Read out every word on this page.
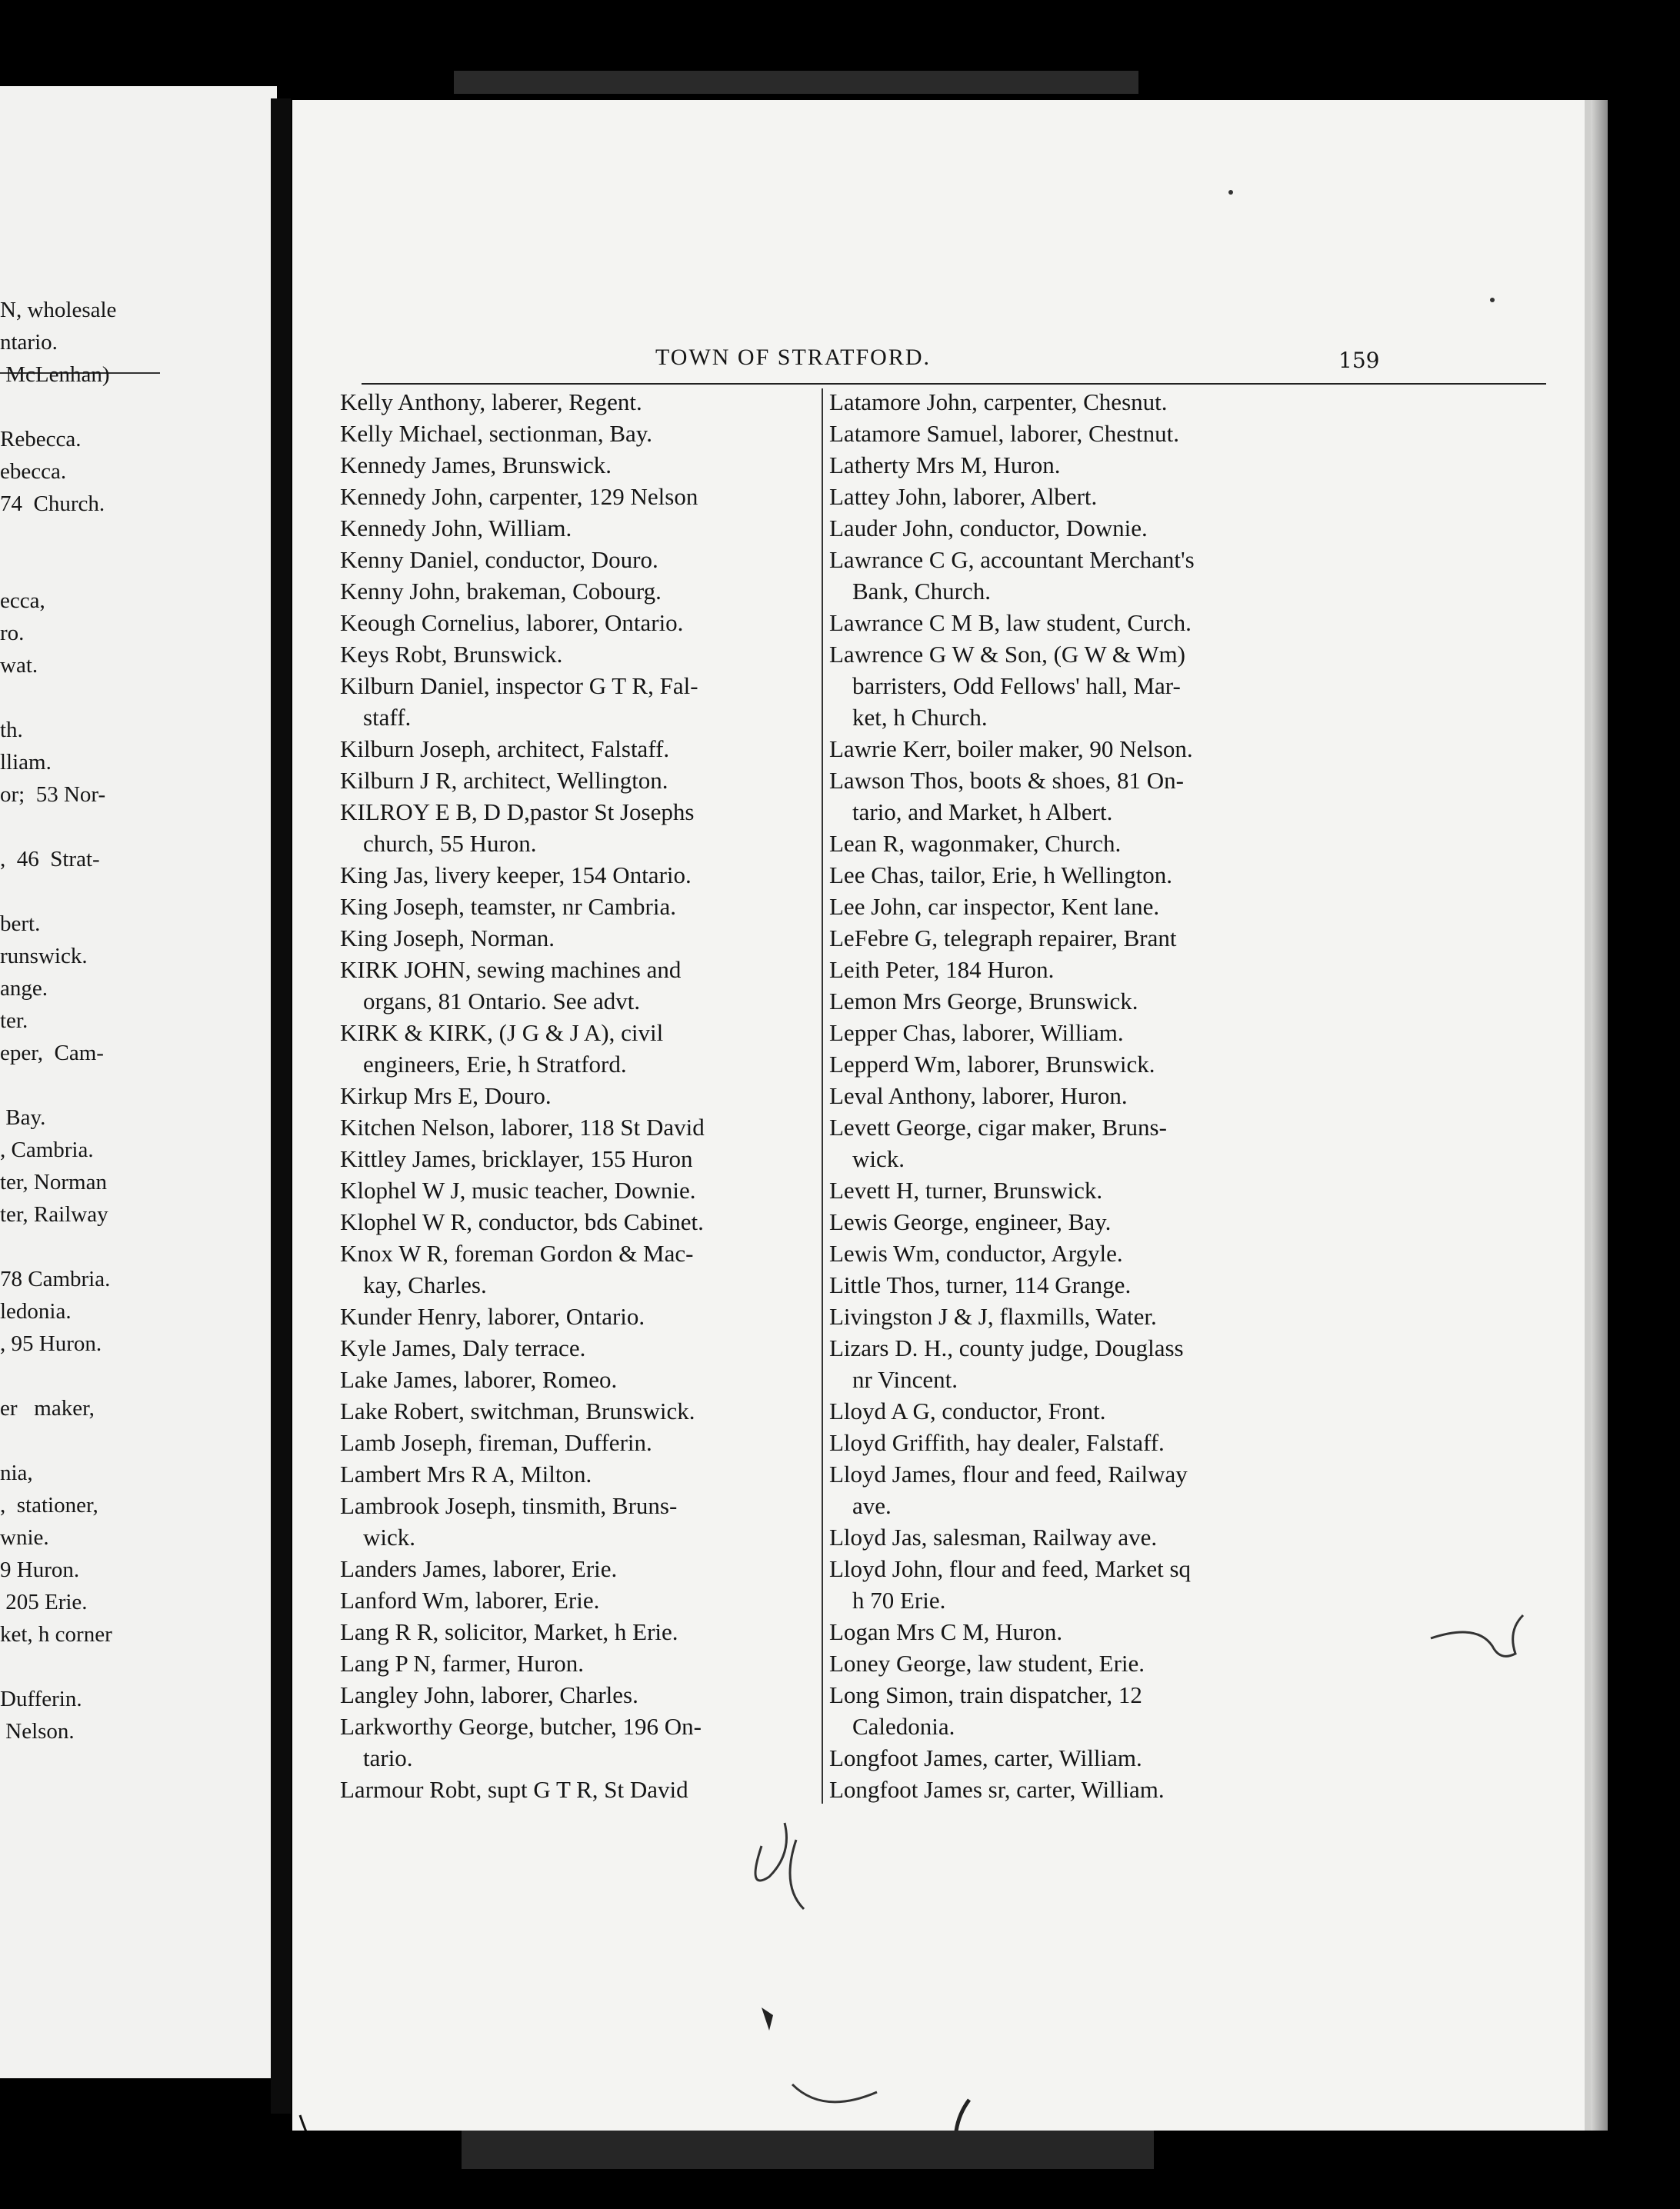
N, wholesale
ntario.
McLenhan)
Rebecca.
ebecca.
74  Church.
ecca,
ro.
wat.
th.
lliam.
or;  53 Nor-
,  46  Strat-
bert.
runswick.
ange.
ter.
eper,  Cam-
Bay.
, Cambria.
ter, Norman
ter, Railway
78 Cambria.
ledonia.
, 95 Huron.
er   maker,
nia,
,  stationer,
wnie.
9 Huron.
205 Erie.
ket, h corner
Dufferin.
Nelson.
TOWN OF STRATFORD.	159
Kelly Anthony, laberer, Regent.
Kelly Michael, sectionman, Bay.
Kennedy James, Brunswick.
Kennedy John, carpenter, 129 Nelson
Kennedy John, William.
Kenny Daniel, conductor, Douro.
Kenny John, brakeman, Cobourg.
Keough Cornelius, laborer, Ontario.
Keys Robt, Brunswick.
Kilburn Daniel, inspector G T R, Fal-
staff.
Kilburn Joseph, architect, Falstaff.
Kilburn J R, architect, Wellington.
KILROY E B, D D,pastor St Josephs
church, 55 Huron.
King Jas, livery keeper, 154 Ontario.
King Joseph, teamster, nr Cambria.
King Joseph, Norman.
KIRK JOHN, sewing machines and
organs, 81 Ontario. See advt.
KIRK & KIRK, (J G & J A), civil
engineers, Erie, h Stratford.
Kirkup Mrs E, Douro.
Kitchen Nelson, laborer, 118 St David
Kittley James, bricklayer, 155 Huron
Klophel W J, music teacher, Downie.
Klophel W R, conductor, bds Cabinet.
Knox W R, foreman Gordon & Mac-
kay, Charles.
Kunder Henry, laborer, Ontario.
Kyle James, Daly terrace.
Lake James, laborer, Romeo.
Lake Robert, switchman, Brunswick.
Lamb Joseph, fireman, Dufferin.
Lambert Mrs R A, Milton.
Lambrook Joseph, tinsmith, Bruns-
wick.
Landers James, laborer, Erie.
Lanford Wm, laborer, Erie.
Lang R R, solicitor, Market, h Erie.
Lang P N, farmer, Huron.
Langley John, laborer, Charles.
Larkworthy George, butcher, 196 On-
tario.
Larmour Robt, supt G T R, St David
Latamore John, carpenter, Chesnut.
Latamore Samuel, laborer, Chestnut.
Latherty Mrs M, Huron.
Lattey John, laborer, Albert.
Lauder John, conductor, Downie.
Lawrance C G, accountant Merchant's
Bank, Church.
Lawrance C M B, law student, Curch.
Lawrence G W & Son, (G W & Wm)
barristers, Odd Fellows' hall, Mar-
ket, h Church.
Lawrie Kerr, boiler maker, 90 Nelson.
Lawson Thos, boots & shoes, 81 On-
tario, and Market, h Albert.
Lean R, wagonmaker, Church.
Lee Chas, tailor, Erie, h Wellington.
Lee John, car inspector, Kent lane.
LeFebre G, telegraph repairer, Brant
Leith Peter, 184 Huron.
Lemon Mrs George, Brunswick.
Lepper Chas, laborer, William.
Lepperd Wm, laborer, Brunswick.
Leval Anthony, laborer, Huron.
Levett George, cigar maker, Bruns-
wick.
Levett H, turner, Brunswick.
Lewis George, engineer, Bay.
Lewis Wm, conductor, Argyle.
Little Thos, turner, 114 Grange.
Livingston J & J, flaxmills, Water.
Lizars D. H., county judge, Douglass
nr Vincent.
Lloyd A G, conductor, Front.
Lloyd Griffith, hay dealer, Falstaff.
Lloyd James, flour and feed, Railway
ave.
Lloyd Jas, salesman, Railway ave.
Lloyd John, flour and feed, Market sq
h 70 Erie.
Logan Mrs C M, Huron.
Loney George, law student, Erie.
Long Simon, train dispatcher, 12
Caledonia.
Longfoot James, carter, William.
Longfoot James sr, carter, William.
